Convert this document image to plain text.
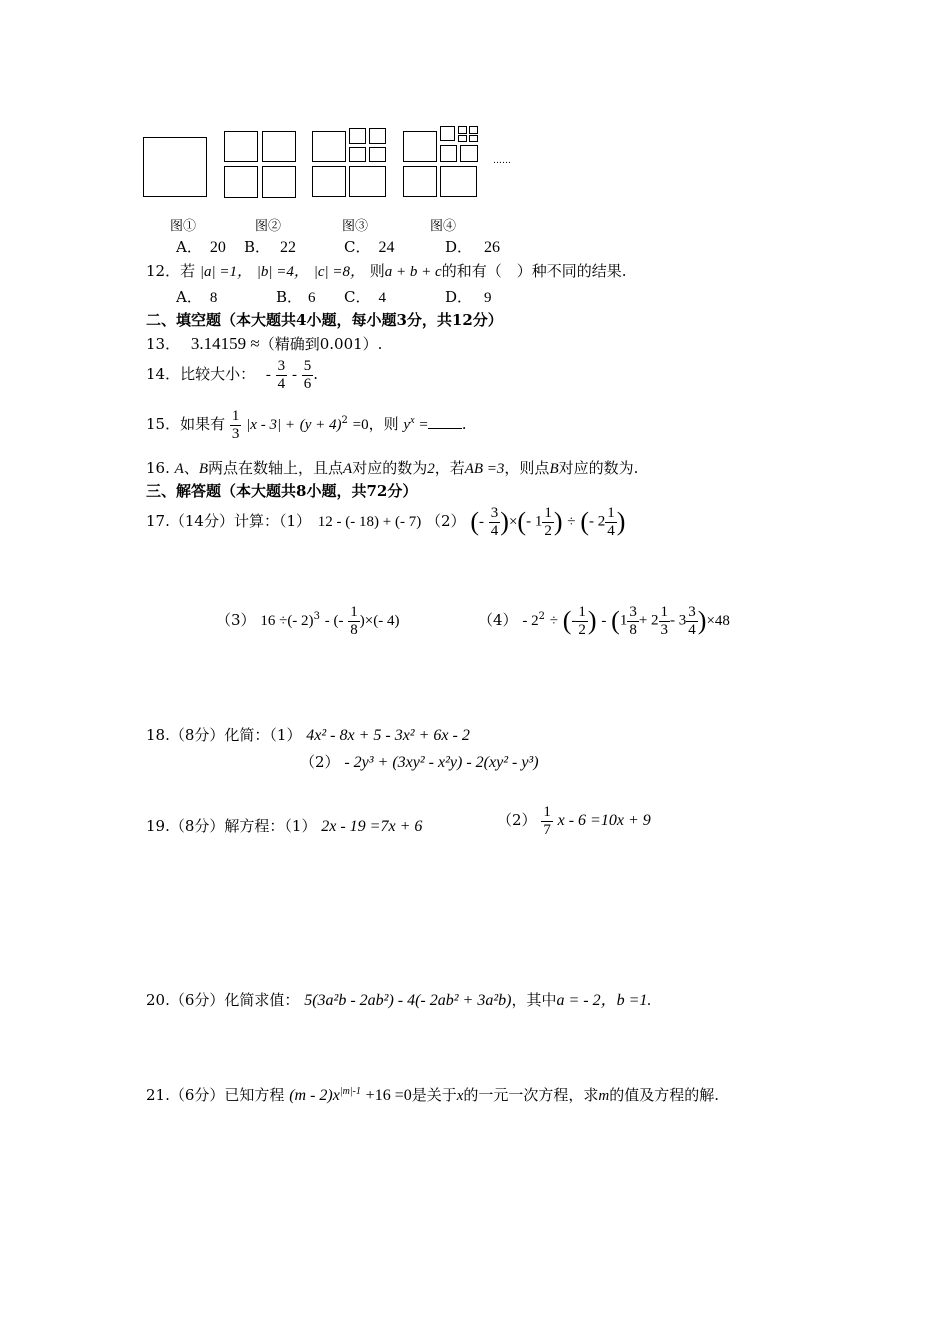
……
图①	图②	图③	图④
A． 20 B． 22	C． 24	D． 26
12．若 |a| =1， |b| =4， |c| =8， 则a + b + c的和有（　）种不同的结果.
A． 8	B． 6 C． 4	D． 9
二、填空题（本大题共4小题，每小题3分，共12分）
13． 3.14159 ≈（精确到0.001）.
14．比较大小： - $\frac{3}{4} - \frac{5}{6}$ .
15．如果有 $\frac{1}{3} |x - 3| + (y + 4)^2 =0$，则 $y^x$ = .
16. A、B两点在数轴上，且点A对应的数为2，若AB =3，则点B对应的数为.
三、解答题（本大题共8小题，共72分）
17.（14分）计算：（1） 12 - (- 18) + (- 7) （2） (- $\frac{3}{4}$ )×(- $1 \frac{1}{2}$ ) ÷ (- $2 \frac{1}{4}$ )
（3） 16 ÷(- 2)$^3$ - (- $\frac{1}{8}$ )×(- 4)	$(4) - 2^2$ ÷ (- $\frac{1}{2}$ ) - $(1 \frac{3}{8} + 2 \frac{1}{3} - 3 \frac{3}{4} )\times 48$
18.（8分）化简：（1） 4x² - 8x + 5 - 3x² + 6x - 2
（2） - 2y³ + (3xy² - x²y) - 2(xy² - y³)
19.（8分）解方程：（1） 2x - 19 =7x + 6	$(2) \frac{1}{7}$ x - 6 =10x + 9
20.（6分）化简求值： 5(3a²b - 2ab²) - 4(- 2ab² + 3a²b)，其中a = - 2，b =1.
21.（6分）已知方程 $(m - 2)x^{|m|-1} +16 =0$是关于x的一元一次方程，求m的值及方程的解.
